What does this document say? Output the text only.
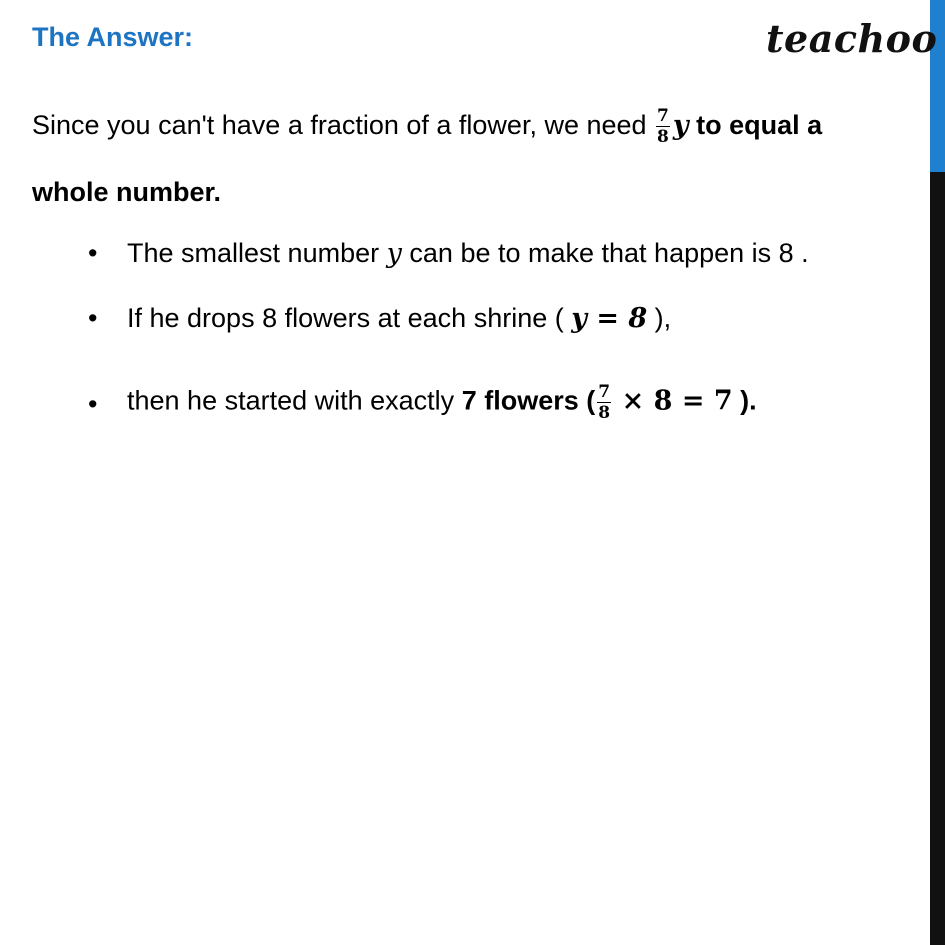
The Answer:	teachoo
Since you can't have a fraction of a flower, we need $\frac{7}{8}$ y to equal a
whole number.
•	The smallest number y can be to make that happen is 8 .
•	If he drops 8 flowers at each shrine ( y = 8 ),
•	then he started with exactly 7 flowers ( $\frac{7}{8} \times 8 = 7$ ).
